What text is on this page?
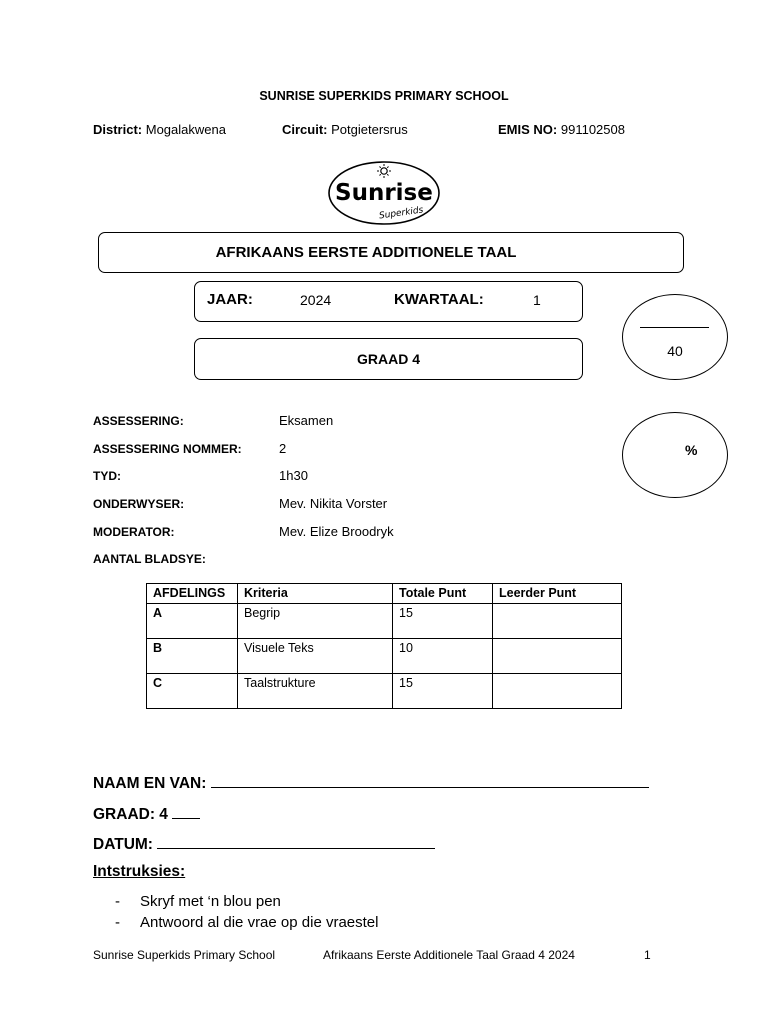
SUNRISE SUPERKIDS PRIMARY SCHOOL
District: Mogalakwena	Circuit: Potgietersrus	EMIS NO: 991102508
Sunrise
Superkids
AFRIKAANS EERSTE ADDITIONELE TAAL
JAAR:	2024	KWARTAAL:	1
GRAAD 4	40
%
ASSESSERING:	Eksamen
ASSESSERING NOMMER:	2
TYD:	1h30
ONDERWYSER:	Mev. Nikita Vorster
MODERATOR:	Mev. Elize Broodryk
AANTAL BLADSYE:
AFDELINGS	Kriteria	Totale Punt	Leerder Punt
A	Begrip	15	
B	Visuele Teks	10	
C	Taalstrukture	15	
NAAM EN VAN:
GRAAD: 4
DATUM:
Intstruksies:
- Skryf met ‘n blou pen
- Antwoord al die vrae op die vraestel
Sunrise Superkids Primary School	Afrikaans Eerste Additionele Taal Graad 4 2024	1
